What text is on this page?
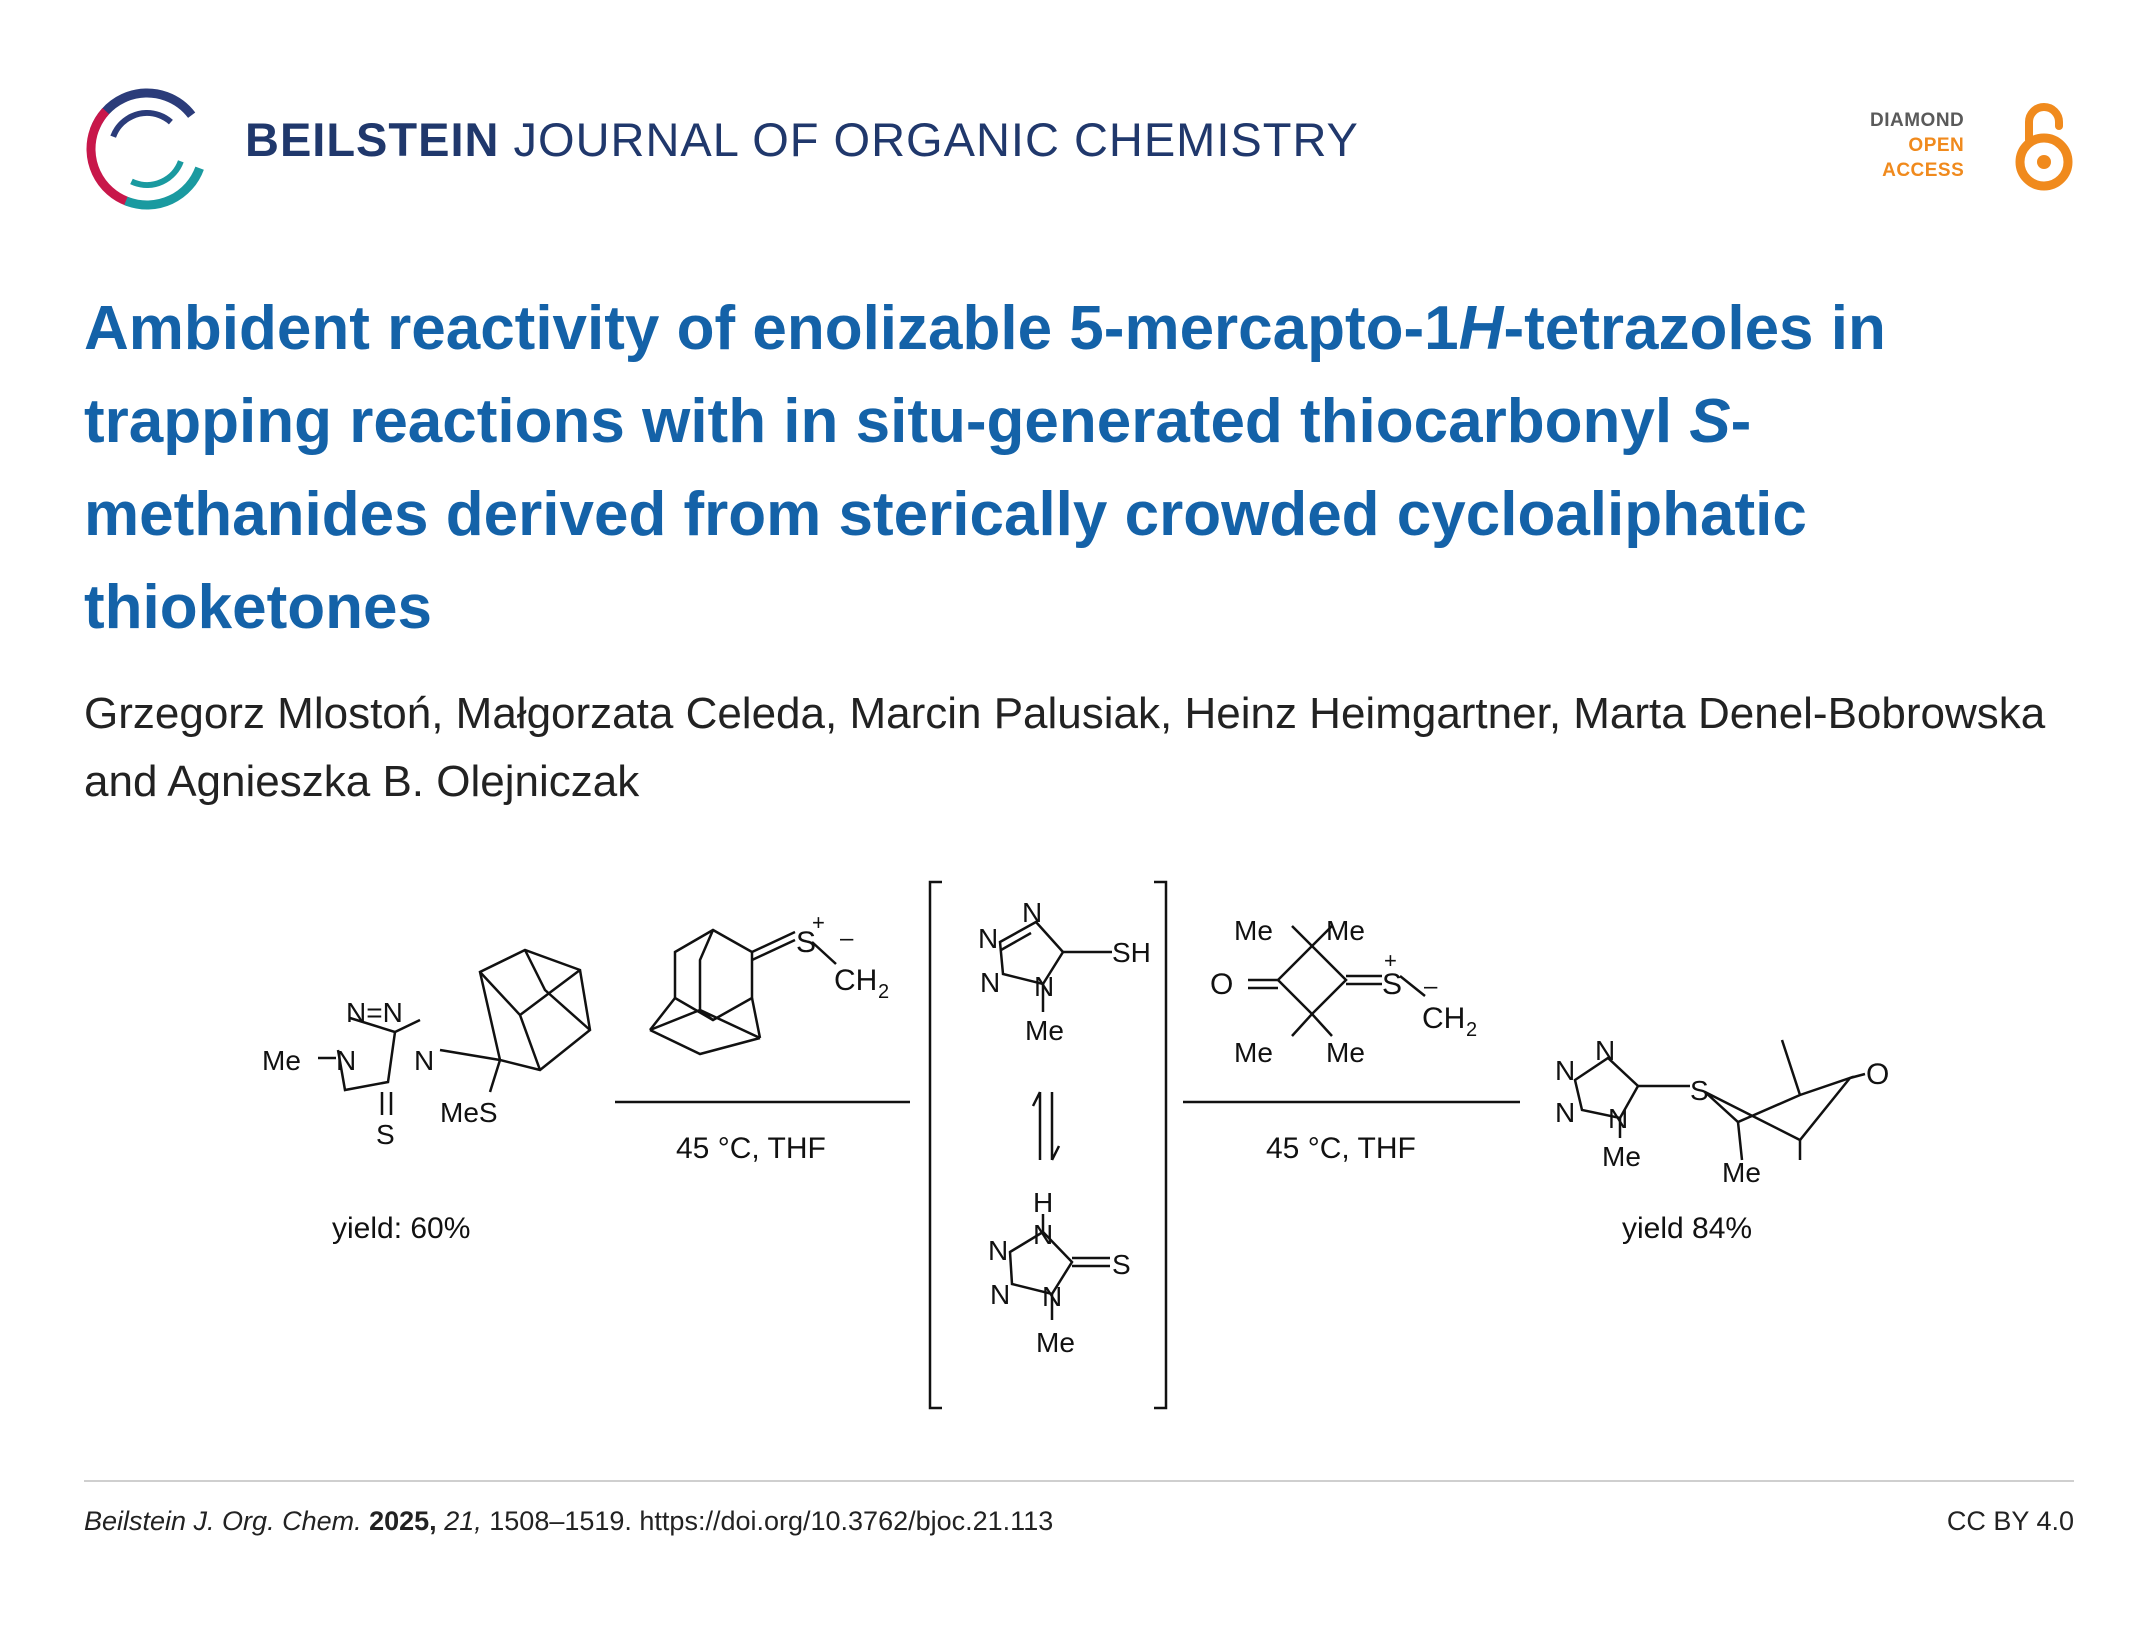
BEILSTEIN JOURNAL OF ORGANIC CHEMISTRY	DIAMOND
OPEN
ACCESS
Ambident reactivity of enolizable 5-mercapto-1H-tetrazoles in trapping reactions with in situ-generated thiocarbonyl S-methanides derived from sterically crowded cycloaliphatic thioketones
Grzegorz Mlostoń, Małgorzata Celeda, Marcin Palusiak, Heinz Heimgartner, Marta Denel-Bobrowska and Agnieszka B. Olejniczak
N=N
Me N N
S
MeS
yield: 60%
S
+
–
CH 2
45 °C, THF
N
N
N N
SH
Me
H
N
N
N N
S
Me
Me Me
Me Me
O	S
+
–
CH 2
45 °C, THF
N
N
N N
Me
S	O
Me
yield 84%
Beilstein J. Org. Chem. 2025, 21, 1508–1519. https://doi.org/10.3762/bjoc.21.113	CC BY 4.0
